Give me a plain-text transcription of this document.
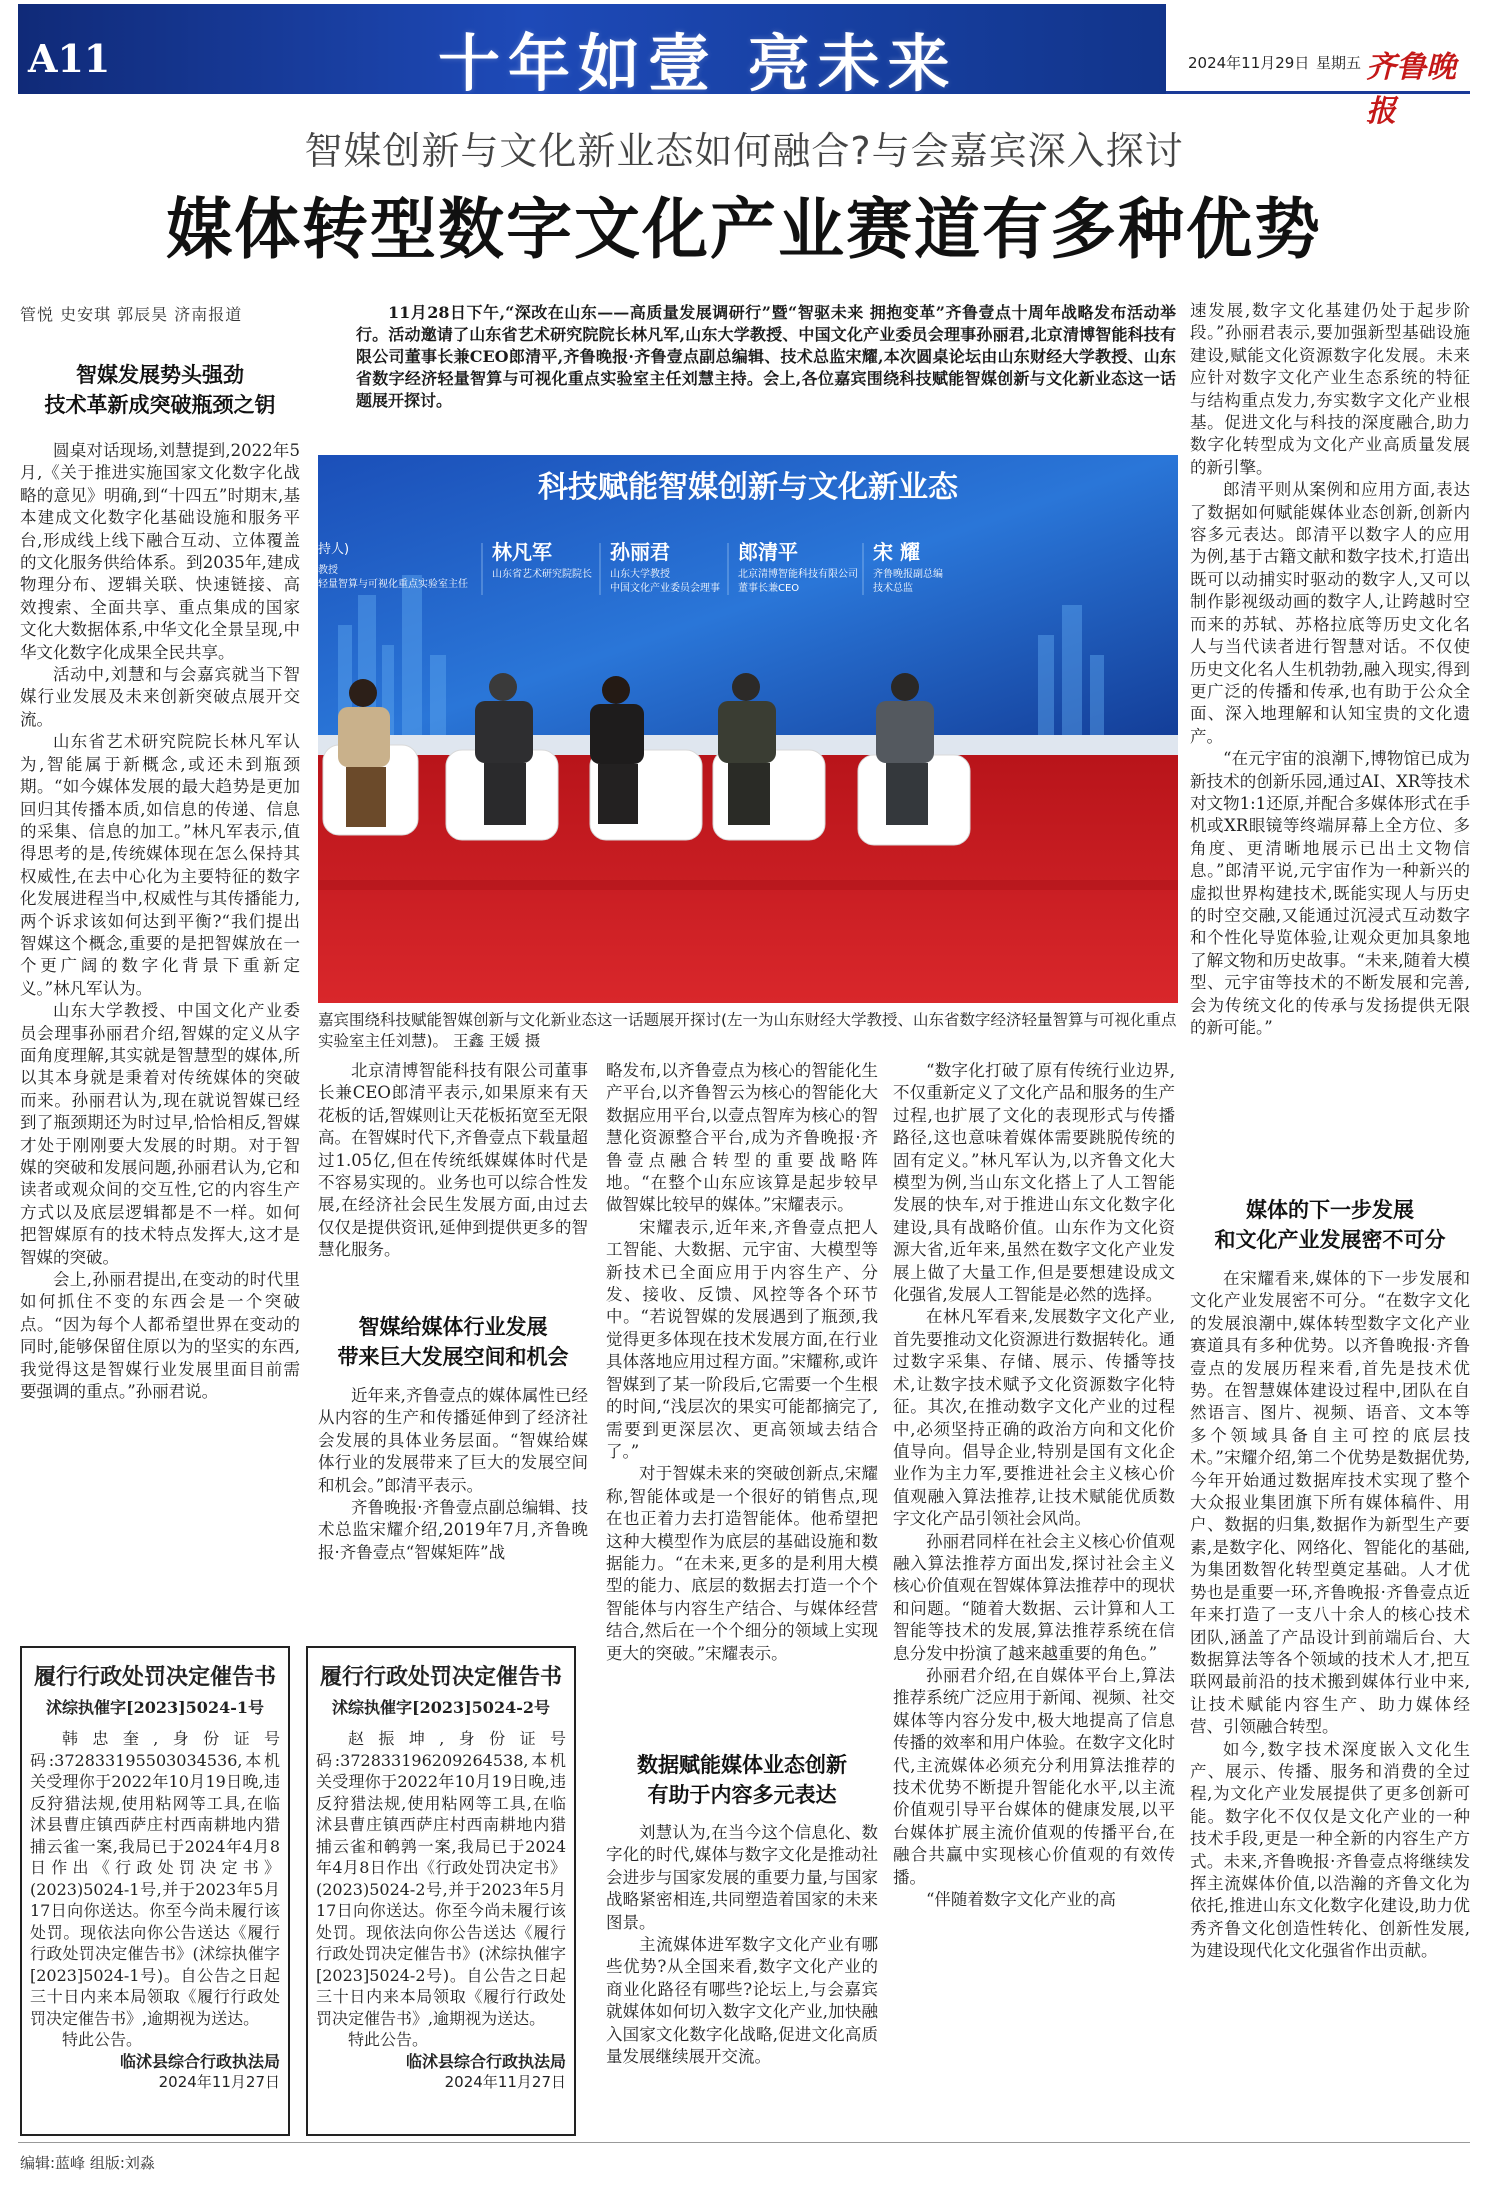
A11	十年如壹 亮未来	2024年11月29日 星期五 齐鲁晚报
智媒创新与文化新业态如何融合?与会嘉宾深入探讨
媒体转型数字文化产业赛道有多种优势
管悦 史安琪 郭辰昊 济南报道	11月28日下午,“深改在山东——高质量发展调研行”暨“智驱未来 拥抱变革”齐鲁壹点十周年战略发布活动举行。活动邀请了山东省艺术研究院院长林凡军,山东大学教授、中国文化产业委员会理事孙丽君,北京清博智能科技有限公司董事长兼CEO郎清平,齐鲁晚报·齐鲁壹点副总编辑、技术总监宋耀,本次圆桌论坛由山东财经大学教授、山东省数字经济轻量智算与可视化重点实验室主任刘慧主持。会上,各位嘉宾围绕科技赋能智媒创新与文化新业态这一话题展开探讨。
智媒发展势头强劲
技术革新成突破瓶颈之钥

圆桌对话现场,刘慧提到,2022年5月,《关于推进实施国家文化数字化战略的意见》明确,到“十四五”时期末,基本建成文化数字化基础设施和服务平台,形成线上线下融合互动、立体覆盖的文化服务供给体系。到2035年,建成物理分布、逻辑关联、快速链接、高效搜索、全面共享、重点集成的国家文化大数据体系,中华文化全景呈现,中华文化数字化成果全民共享。

活动中,刘慧和与会嘉宾就当下智媒行业发展及未来创新突破点展开交流。

山东省艺术研究院院长林凡军认为,智能属于新概念,或还未到瓶颈期。“如今媒体发展的最大趋势是更加回归其传播本质,如信息的传递、信息的采集、信息的加工。”林凡军表示,值得思考的是,传统媒体现在怎么保持其权威性,在去中心化为主要特征的数字化发展进程当中,权威性与其传播能力,两个诉求该如何达到平衡?“我们提出智媒这个概念,重要的是把智媒放在一个更广阔的数字化背景下重新定义。”林凡军认为。

山东大学教授、中国文化产业委员会理事孙丽君介绍,智媒的定义从字面角度理解,其实就是智慧型的媒体,所以其本身就是秉着对传统媒体的突破而来。孙丽君认为,现在就说智媒已经到了瓶颈期还为时过早,恰恰相反,智媒才处于刚刚要大发展的时期。对于智媒的突破和发展问题,孙丽君认为,它和读者或观众间的交互性,它的内容生产方式以及底层逻辑都是不一样。如何把智媒原有的技术特点发挥大,这才是智媒的突破。

会上,孙丽君提出,在变动的时代里如何抓住不变的东西会是一个突破点。“因为每个人都希望世界在变动的同时,能够保留住原以为的坚实的东西,我觉得这是智媒行业发展里面目前需要强调的重点。”孙丽君说。

科技赋能智媒创新与文化新业态
持人)
教授
轻量智算与可视化重点实验室主任
林凡军
山东省艺术研究院院长
孙丽君
山东大学教授
中国文化产业委员会理事
郎清平
北京清博智能科技有限公司
董事长兼CEO
宋 耀
齐鲁晚报副总编
技术总监
嘉宾围绕科技赋能智媒创新与文化新业态这一话题展开探讨(左一为山东财经大学教授、山东省数字经济轻量智算与可视化重点实验室主任刘慧)。 王鑫 王媛 摄

北京清博智能科技有限公司董事长兼CEO郎清平表示,如果原来有天花板的话,智媒则让天花板拓宽至无限高。在智媒时代下,齐鲁壹点下载量超过1.05亿,但在传统纸媒媒体时代是不容易实现的。业务也可以综合性发展,在经济社会民生发展方面,由过去仅仅是提供资讯,延伸到提供更多的智慧化服务。

智媒给媒体行业发展
带来巨大发展空间和机会

近年来,齐鲁壹点的媒体属性已经从内容的生产和传播延伸到了经济社会发展的具体业务层面。“智媒给媒体行业的发展带来了巨大的发展空间和机会。”郎清平表示。

齐鲁晚报·齐鲁壹点副总编辑、技术总监宋耀介绍,2019年7月,齐鲁晚报·齐鲁壹点“智媒矩阵”战

略发布,以齐鲁壹点为核心的智能化生产平台,以齐鲁智云为核心的智能化大数据应用平台,以壹点智库为核心的智慧化资源整合平台,成为齐鲁晚报·齐鲁壹点融合转型的重要战略阵地。“在整个山东应该算是起步较早做智媒比较早的媒体。”宋耀表示。

宋耀表示,近年来,齐鲁壹点把人工智能、大数据、元宇宙、大模型等新技术已全面应用于内容生产、分发、接收、反馈、风控等各个环节中。“若说智媒的发展遇到了瓶颈,我觉得更多体现在技术发展方面,在行业具体落地应用过程方面。”宋耀称,或许智媒到了某一阶段后,它需要一个生根的时间,“浅层次的果实可能都摘完了,需要到更深层次、更高领域去结合了。”

对于智媒未来的突破创新点,宋耀称,智能体或是一个很好的销售点,现在也正着力去打造智能体。他希望把这种大模型作为底层的基础设施和数据能力。“在未来,更多的是利用大模型的能力、底层的数据去打造一个个智能体与内容生产结合、与媒体经营结合,然后在一个个细分的领域上实现更大的突破。”宋耀表示。

数据赋能媒体业态创新
有助于内容多元表达

刘慧认为,在当今这个信息化、数字化的时代,媒体与数字文化是推动社会进步与国家发展的重要力量,与国家战略紧密相连,共同塑造着国家的未来图景。

主流媒体进军数字文化产业有哪些优势?从全国来看,数字文化产业的商业化路径有哪些?论坛上,与会嘉宾就媒体如何切入数字文化产业,加快融入国家文化数字化战略,促进文化高质量发展继续展开交流。

“数字化打破了原有传统行业边界,不仅重新定义了文化产品和服务的生产过程,也扩展了文化的表现形式与传播路径,这也意味着媒体需要跳脱传统的固有定义。”林凡军认为,以齐鲁文化大模型为例,当山东文化搭上了人工智能发展的快车,对于推进山东文化数字化建设,具有战略价值。山东作为文化资源大省,近年来,虽然在数字文化产业发展上做了大量工作,但是要想建设成文化强省,发展人工智能是必然的选择。

在林凡军看来,发展数字文化产业,首先要推动文化资源进行数据转化。通过数字采集、存储、展示、传播等技术,让数字技术赋予文化资源数字化特征。其次,在推动数字文化产业的过程中,必须坚持正确的政治方向和文化价值导向。倡导企业,特别是国有文化企业作为主力军,要推进社会主义核心价值观融入算法推荐,让技术赋能优质数字文化产品引领社会风尚。

孙丽君同样在社会主义核心价值观融入算法推荐方面出发,探讨社会主义核心价值观在智媒体算法推荐中的现状和问题。“随着大数据、云计算和人工智能等技术的发展,算法推荐系统在信息分发中扮演了越来越重要的角色。”

孙丽君介绍,在自媒体平台上,算法推荐系统广泛应用于新闻、视频、社交媒体等内容分发中,极大地提高了信息传播的效率和用户体验。在数字文化时代,主流媒体必须充分利用算法推荐的技术优势不断提升智能化水平,以主流价值观引导平台媒体的健康发展,以平台媒体扩展主流价值观的传播平台,在融合共赢中实现核心价值观的有效传播。

“伴随着数字文化产业的高

速发展,数字文化基建仍处于起步阶段。”孙丽君表示,要加强新型基础设施建设,赋能文化资源数字化发展。未来应针对数字文化产业生态系统的特征与结构重点发力,夯实数字文化产业根基。促进文化与科技的深度融合,助力数字化转型成为文化产业高质量发展的新引擎。

郎清平则从案例和应用方面,表达了数据如何赋能媒体业态创新,创新内容多元表达。郎清平以数字人的应用为例,基于古籍文献和数字技术,打造出既可以动捕实时驱动的数字人,又可以制作影视级动画的数字人,让跨越时空而来的苏轼、苏格拉底等历史文化名人与当代读者进行智慧对话。不仅使历史文化名人生机勃勃,融入现实,得到更广泛的传播和传承,也有助于公众全面、深入地理解和认知宝贵的文化遗产。

“在元宇宙的浪潮下,博物馆已成为新技术的创新乐园,通过AI、XR等技术对文物1:1还原,并配合多媒体形式在手机或XR眼镜等终端屏幕上全方位、多角度、更清晰地展示已出土文物信息。”郎清平说,元宇宙作为一种新兴的虚拟世界构建技术,既能实现人与历史的时空交融,又能通过沉浸式互动数字和个性化导览体验,让观众更加具象地了解文物和历史故事。“未来,随着大模型、元宇宙等技术的不断发展和完善,会为传统文化的传承与发扬提供无限的新可能。”

媒体的下一步发展
和文化产业发展密不可分

在宋耀看来,媒体的下一步发展和文化产业发展密不可分。“在数字文化的发展浪潮中,媒体转型数字文化产业赛道具有多种优势。以齐鲁晚报·齐鲁壹点的发展历程来看,首先是技术优势。在智慧媒体建设过程中,团队在自然语言、图片、视频、语音、文本等多个领域具备自主可控的底层技术。”宋耀介绍,第二个优势是数据优势,今年开始通过数据库技术实现了整个大众报业集团旗下所有媒体稿件、用户、数据的归集,数据作为新型生产要素,是数字化、网络化、智能化的基础,为集团数智化转型奠定基础。人才优势也是重要一环,齐鲁晚报·齐鲁壹点近年来打造了一支八十余人的核心技术团队,涵盖了产品设计到前端后台、大数据算法等各个领域的技术人才,把互联网最前沿的技术搬到媒体行业中来,让技术赋能内容生产、助力媒体经营、引领融合转型。

如今,数字技术深度嵌入文化生产、展示、传播、服务和消费的全过程,为文化产业发展提供了更多创新可能。数字化不仅仅是文化产业的一种技术手段,更是一种全新的内容生产方式。未来,齐鲁晚报·齐鲁壹点将继续发挥主流媒体价值,以浩瀚的齐鲁文化为依托,推进山东文化数字化建设,助力优秀齐鲁文化创造性转化、创新性发展,为建设现代化文化强省作出贡献。

履行行政处罚决定催告书
沭综执催字[2023]5024-1号
韩忠奎,身份证号码:372833195503034536,本机关受理你于2022年10月19日晚,违反狩猎法规,使用粘网等工具,在临沭县曹庄镇西萨庄村西南耕地内猎捕云雀一案,我局已于2024年4月8日作出《行政处罚决定书》(2023)5024-1号,并于2023年5月17日向你送达。你至今尚未履行该处罚。现依法向你公告送达《履行行政处罚决定催告书》(沭综执催字[2023]5024-1号)。自公告之日起三十日内来本局领取《履行行政处罚决定催告书》,逾期视为送达。
特此公告。
临沭县综合行政执法局
2024年11月27日
履行行政处罚决定催告书
沭综执催字[2023]5024-2号
赵振坤,身份证号码:372833196209264538,本机关受理你于2022年10月19日晚,违反狩猎法规,使用粘网等工具,在临沭县曹庄镇西萨庄村西南耕地内猎捕云雀和鹌鹑一案,我局已于2024年4月8日作出《行政处罚决定书》(2023)5024-2号,并于2023年5月17日向你送达。你至今尚未履行该处罚。现依法向你公告送达《履行行政处罚决定催告书》(沭综执催字[2023]5024-2号)。自公告之日起三十日内来本局领取《履行行政处罚决定催告书》,逾期视为送达。
特此公告。
临沭县综合行政执法局
2024年11月27日
编辑:蓝峰 组版:刘淼
